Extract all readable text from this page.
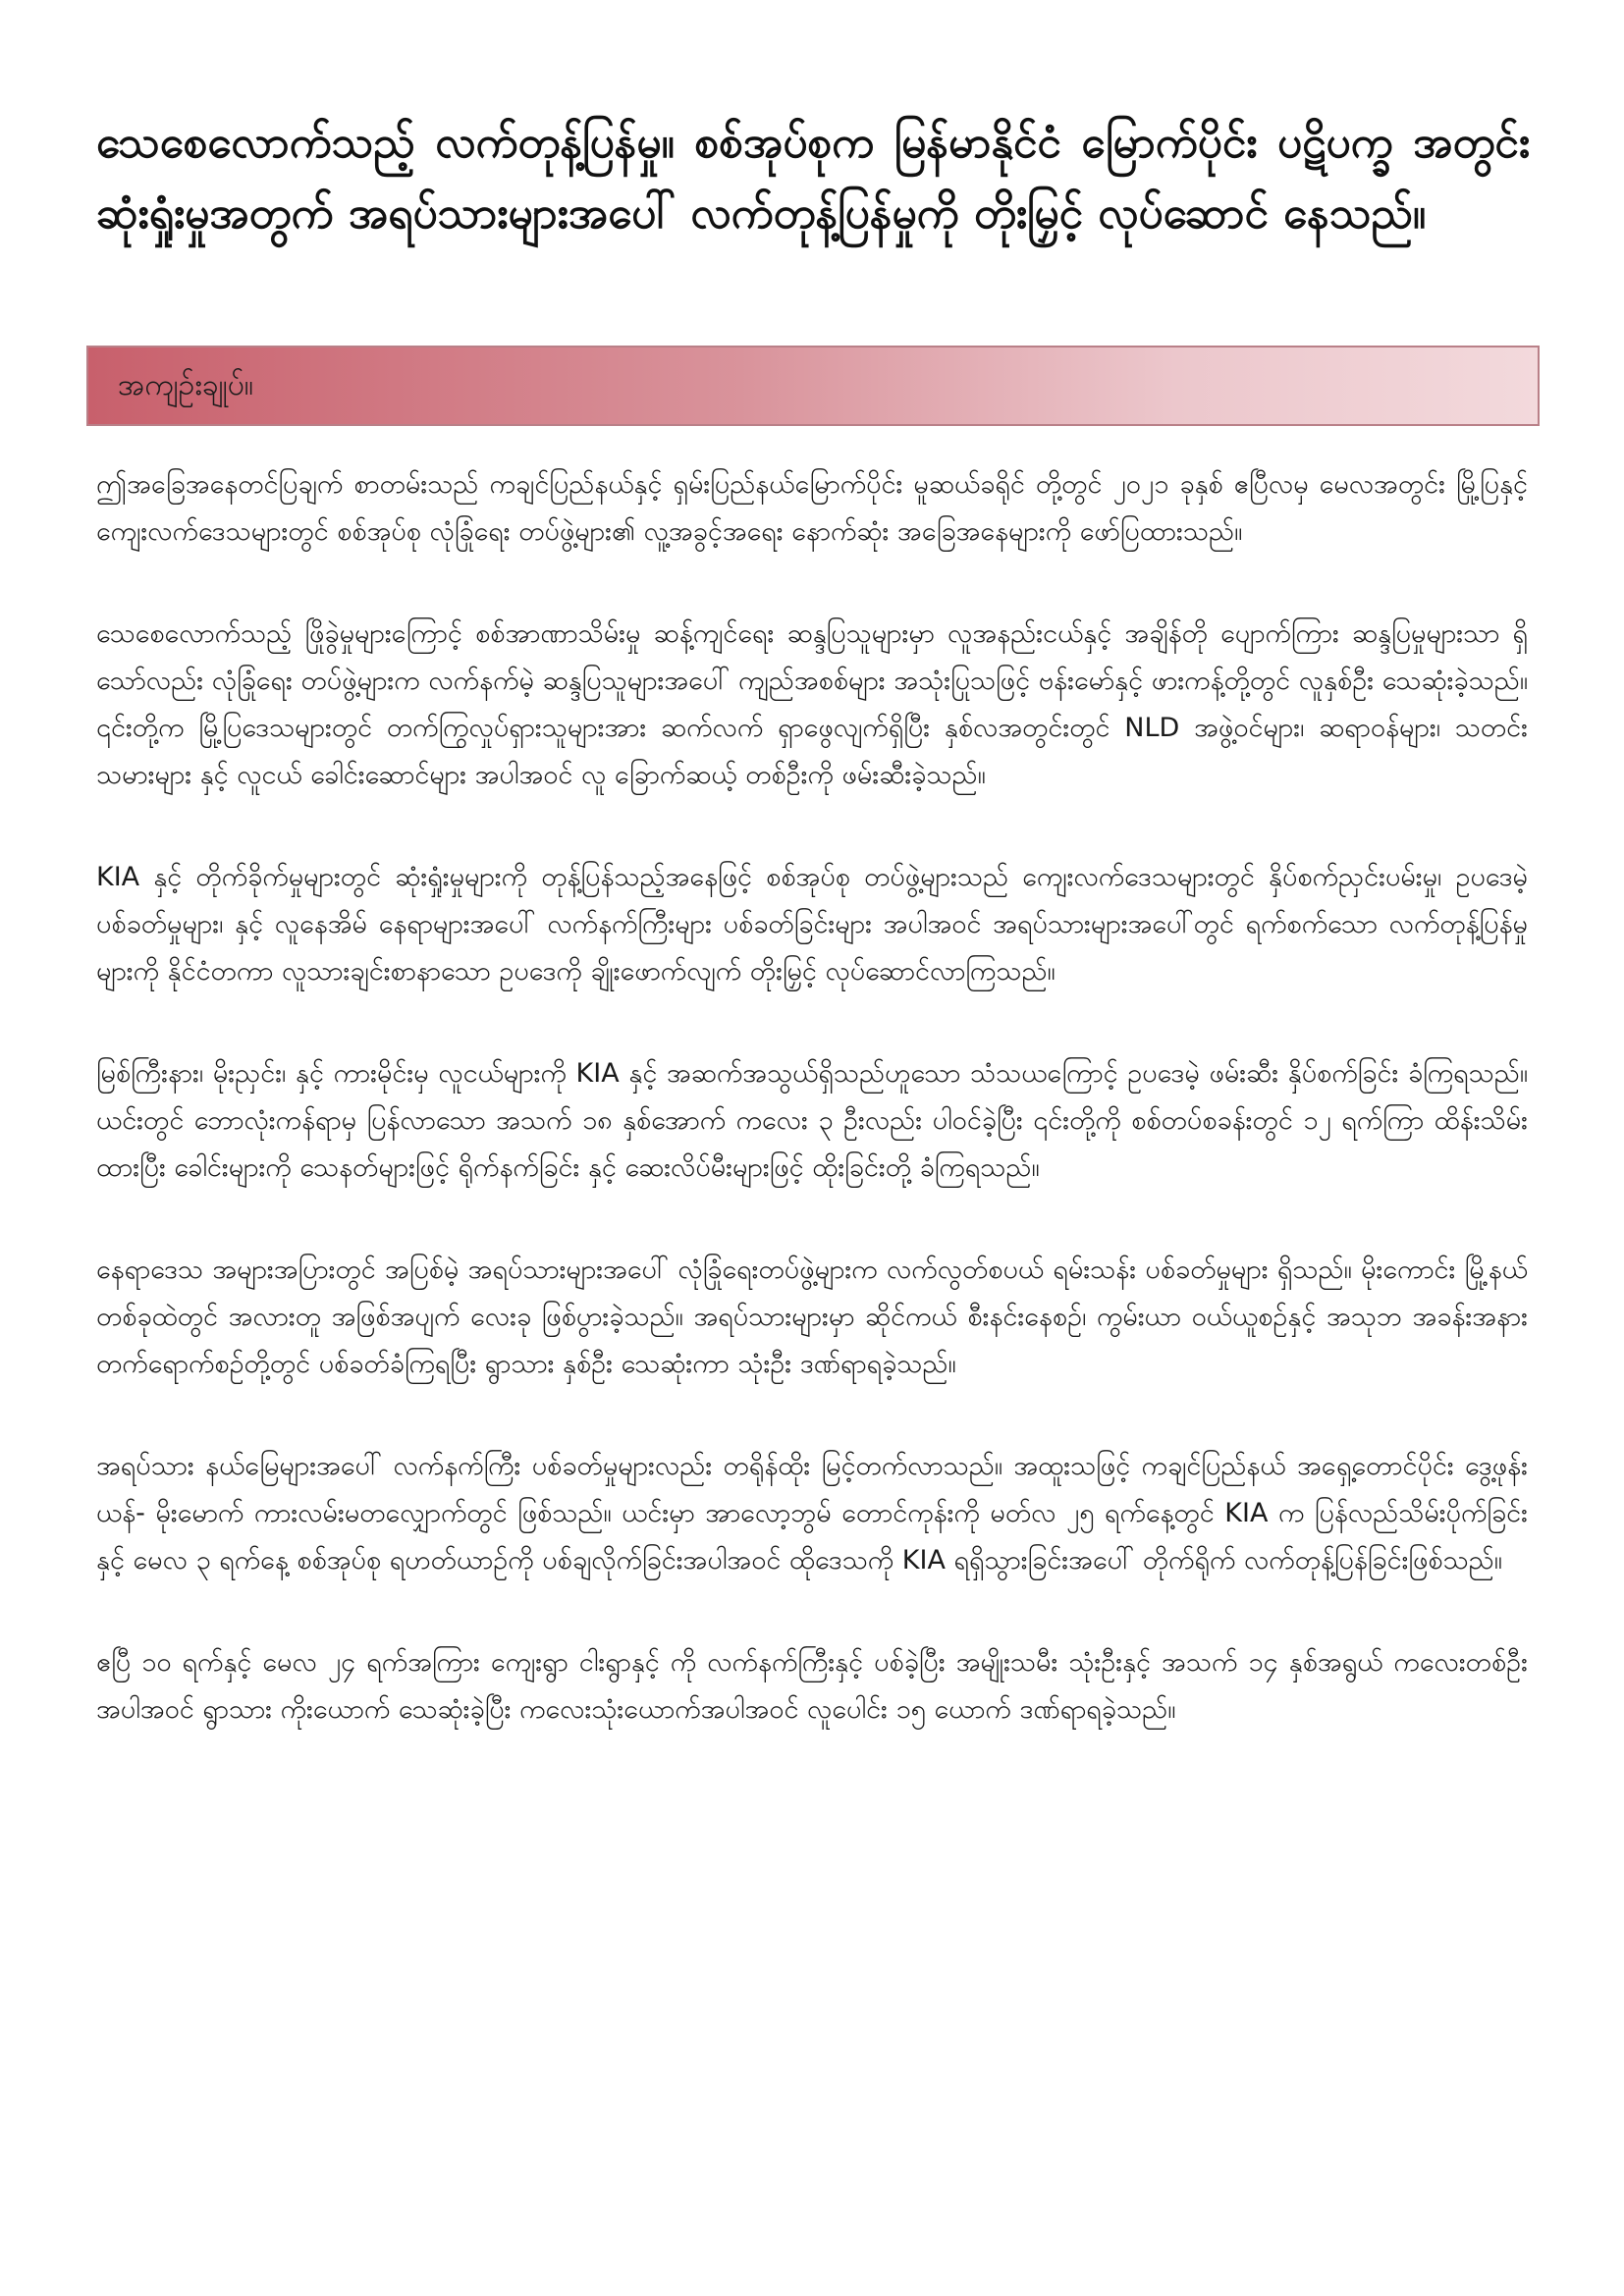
သေစေလောက်သည့် လက်တုန့်ပြန်မှု။ စစ်အုပ်စုက မြန်မာနိုင်ငံ မြောက်ပိုင်း ပဋိပက္ခ အတွင်း ဆုံးရှုံးမှုအတွက် အရပ်သားများအပေါ် လက်တုန့်ပြန်မှုကို တိုးမြှင့် လုပ်ဆောင် နေသည်။
အကျဉ်းချုပ်။

ဤအခြေအနေတင်ပြချက် စာတမ်းသည် ကချင်ပြည်နယ်နှင့် ရှမ်းပြည်နယ်မြောက်ပိုင်း မူဆယ်ခရိုင် တို့တွင် ၂၀၂၁ ခုနှစ် ဧပြီလမှ မေလအတွင်း မြို့ပြနှင့် ကျေးလက်ဒေသများတွင် စစ်အုပ်စု လုံခြုံရေး တပ်ဖွဲ့များ၏ လူ့အခွင့်အရေး နောက်ဆုံး အခြေအနေများကို ဖော်ပြထားသည်။

သေစေလောက်သည့် ဖြိုခွဲမှုများကြောင့် စစ်အာဏာသိမ်းမှု ဆန့်ကျင်ရေး ဆန္ဒပြသူများမှာ လူအနည်းငယ်နှင့် အချိန်တို ပျောက်ကြား ဆန္ဒပြမှုများသာ ရှိသော်လည်း လုံခြုံရေး တပ်ဖွဲ့များက လက်နက်မဲ့ ဆန္ဒပြသူများအပေါ် ကျည်အစစ်များ အသုံးပြုသဖြင့် ဗန်းမော်နှင့် ဖားကန့်တို့တွင် လူနှစ်ဦး သေဆုံးခဲ့သည်။ ၎င်းတို့က မြို့ပြဒေသများတွင် တက်ကြွလှုပ်ရှားသူများအား ဆက်လက် ရှာဖွေလျက်ရှိပြီး နှစ်လအတွင်းတွင် NLD အဖွဲ့ဝင်များ၊ ဆရာဝန်များ၊ သတင်းသမားများ နှင့် လူငယ် ခေါင်းဆောင်များ အပါအဝင် လူ ခြောက်ဆယ့် တစ်ဦးကို ဖမ်းဆီးခဲ့သည်။

KIA နှင့် တိုက်ခိုက်မှုများတွင် ဆုံးရှုံးမှုများကို တုန့်ပြန်သည့်အနေဖြင့် စစ်အုပ်စု တပ်ဖွဲ့များသည် ကျေးလက်ဒေသများတွင် နှိပ်စက်ညှင်းပမ်းမှု၊ ဥပဒေမဲ့ ပစ်ခတ်မှုများ၊ နှင့် လူနေအိမ် နေရာများအပေါ် လက်နက်ကြီးများ ပစ်ခတ်ခြင်းများ အပါအဝင် အရပ်သားများအပေါ်တွင် ရက်စက်သော လက်တုန့်ပြန်မှုများကို နိုင်ငံတကာ လူသားချင်းစာနာသော ဥပဒေကို ချိုးဖောက်လျက် တိုးမြှင့် လုပ်ဆောင်လာကြသည်။

မြစ်ကြီးနား၊ မိုးညှင်း၊ နှင့် ကားမိုင်းမှ လူငယ်များကို KIA နှင့် အဆက်အသွယ်ရှိသည်ဟူသော သံသယကြောင့် ဥပဒေမဲ့ ဖမ်းဆီး နှိပ်စက်ခြင်း ခံကြရသည်။ ယင်းတွင် ဘောလုံးကန်ရာမှ ပြန်လာသော အသက် ၁၈ နှစ်အောက် ကလေး ၃ ဦးလည်း ပါဝင်ခဲ့ပြီး ၎င်းတို့ကို စစ်တပ်စခန်းတွင် ၁၂ ရက်ကြာ ထိန်းသိမ်းထားပြီး ခေါင်းများကို သေနတ်များဖြင့် ရိုက်နက်ခြင်း နှင့် ဆေးလိပ်မီးများဖြင့် ထိုးခြင်းတို့ ခံကြရသည်။

နေရာဒေသ အများအပြားတွင် အပြစ်မဲ့ အရပ်သားများအပေါ် လုံခြုံရေးတပ်ဖွဲ့များက လက်လွတ်စပယ် ရမ်းသန်း ပစ်ခတ်မှုများ ရှိသည်။ မိုးကောင်း မြို့နယ် တစ်ခုထဲတွင် အလားတူ အဖြစ်အပျက် လေးခု ဖြစ်ပွားခဲ့သည်။ အရပ်သားများမှာ ဆိုင်ကယ် စီးနင်းနေစဉ်၊ ကွမ်းယာ ဝယ်ယူစဉ်နှင့် အသုဘ အခန်းအနား တက်ရောက်စဉ်တို့တွင် ပစ်ခတ်ခံကြရပြီး ရွာသား နှစ်ဦး သေဆုံးကာ သုံးဦး ဒဏ်ရာရခဲ့သည်။

အရပ်သား နယ်မြေများအပေါ် လက်နက်ကြီး ပစ်ခတ်မှုများလည်း တရိုန်ထိုး မြင့်တက်လာသည်။ အထူးသဖြင့် ကချင်ပြည်နယ် အရှေ့တောင်ပိုင်း ဒွေ့ဖုန်းယန်- မိုးမောက် ကားလမ်းမတလျှောက်တွင် ဖြစ်သည်။ ယင်းမှာ အာလော့ဘွမ် တောင်ကုန်းကို မတ်လ ၂၅ ရက်နေ့တွင် KIA က ပြန်လည်သိမ်းပိုက်ခြင်းနှင့် မေလ ၃ ရက်နေ့ စစ်အုပ်စု ရဟတ်ယာဉ်ကို ပစ်ချလိုက်ခြင်းအပါအဝင် ထိုဒေသကို KIA ရရှိသွားခြင်းအပေါ် တိုက်ရိုက် လက်တုန့်ပြန်ခြင်းဖြစ်သည်။

ဧပြီ ၁၀ ရက်နှင့် မေလ ၂၄ ရက်အကြား ကျေးရွာ ငါးရွာနှင့် ကို လက်နက်ကြီးနှင့် ပစ်ခဲ့ပြီး အမျိုးသမီး သုံးဦးနှင့် အသက် ၁၄ နှစ်အရွယ် ကလေးတစ်ဦးအပါအဝင် ရွာသား ကိုးယောက် သေဆုံးခဲ့ပြီး ကလေးသုံးယောက်အပါအဝင် လူပေါင်း ၁၅ ယောက် ဒဏ်ရာရခဲ့သည်။
